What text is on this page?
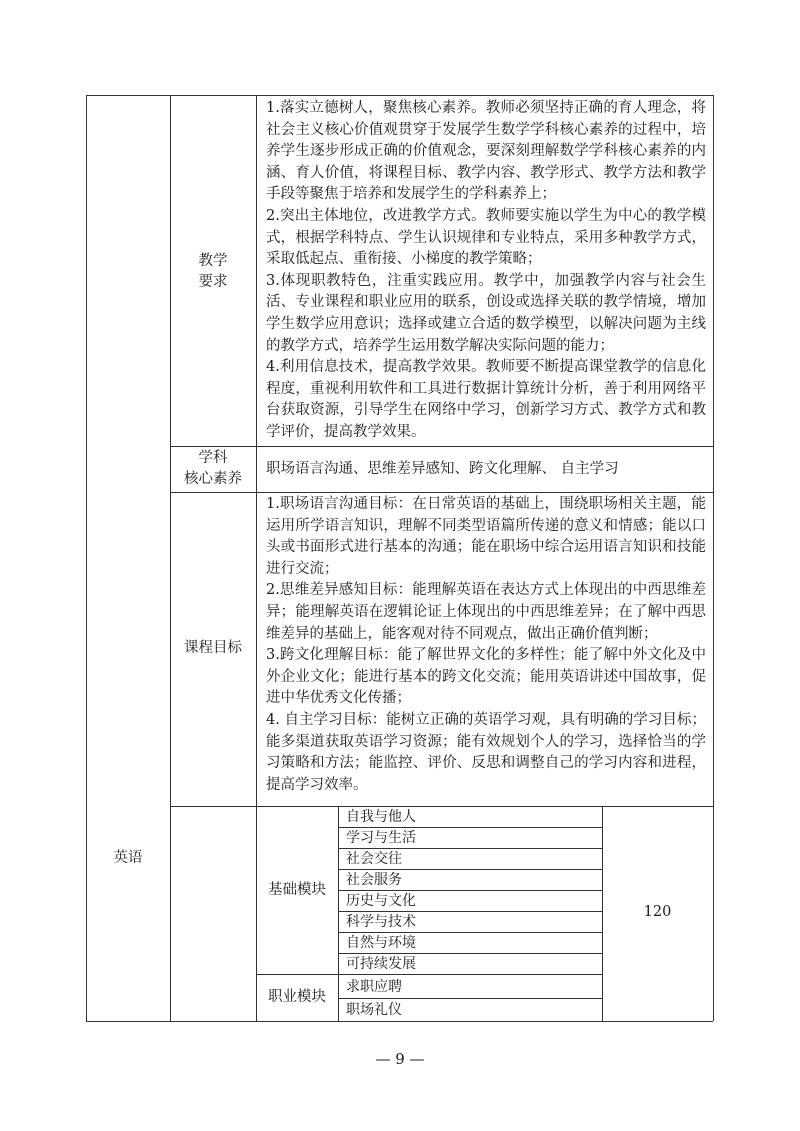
英语
教学
要求

1.落实立德树人，聚焦核心素养。教师必须坚持正确的育人理念，将社会主义核心价值观贯穿于发展学生数学学科核心素养的过程中，培养学生逐步形成正确的价值观念，要深刻理解数学学科核心素养的内涵、育人价值，将课程目标、教学内容、教学形式、教学方法和教学手段等聚焦于培养和发展学生的学科素养上；

2.突出主体地位，改进教学方式。教师要实施以学生为中心的教学模式，根据学科特点、学生认识规律和专业特点，采用多种教学方式，采取低起点、重衔接、小梯度的教学策略；

3.体现职教特色，注重实践应用。教学中，加强教学内容与社会生活、专业课程和职业应用的联系，创设或选择关联的教学情境，增加学生数学应用意识；选择或建立合适的数学模型，以解决问题为主线的教学方式，培养学生运用数学解决实际问题的能力；

4.利用信息技术，提高教学效果。教师要不断提高课堂教学的信息化程度，重视利用软件和工具进行数据计算统计分析，善于利用网络平台获取资源，引导学生在网络中学习，创新学习方式、教学方式和教学评价，提高教学效果。

学科
核心素养
职场语言沟通、思维差异感知、跨文化理解、 自主学习
课程目标

1.职场语言沟通目标：在日常英语的基础上，围绕职场相关主题，能运用所学语言知识，理解不同类型语篇所传递的意义和情感；能以口头或书面形式进行基本的沟通；能在职场中综合运用语言知识和技能进行交流；

2.思维差异感知目标：能理解英语在表达方式上体现出的中西思维差异；能理解英语在逻辑论证上体现出的中西思维差异；在了解中西思维差异的基础上，能客观对待不同观点，做出正确价值判断；

3.跨文化理解目标：能了解世界文化的多样性；能了解中外文化及中外企业文化；能进行基本的跨文化交流；能用英语讲述中国故事，促进中华优秀文化传播；

4. 自主学习目标：能树立正确的英语学习观，具有明确的学习目标；能多渠道获取英语学习资源；能有效规划个人的学习，选择恰当的学习策略和方法；能监控、评价、反思和调整自己的学习内容和进程，提高学习效率。

基础模块
自我与他人
学习与生活
社会交往
社会服务
历史与文化
科学与技术
自然与环境
可持续发展
120
职业模块
求职应聘
职场礼仪
— 9 —
